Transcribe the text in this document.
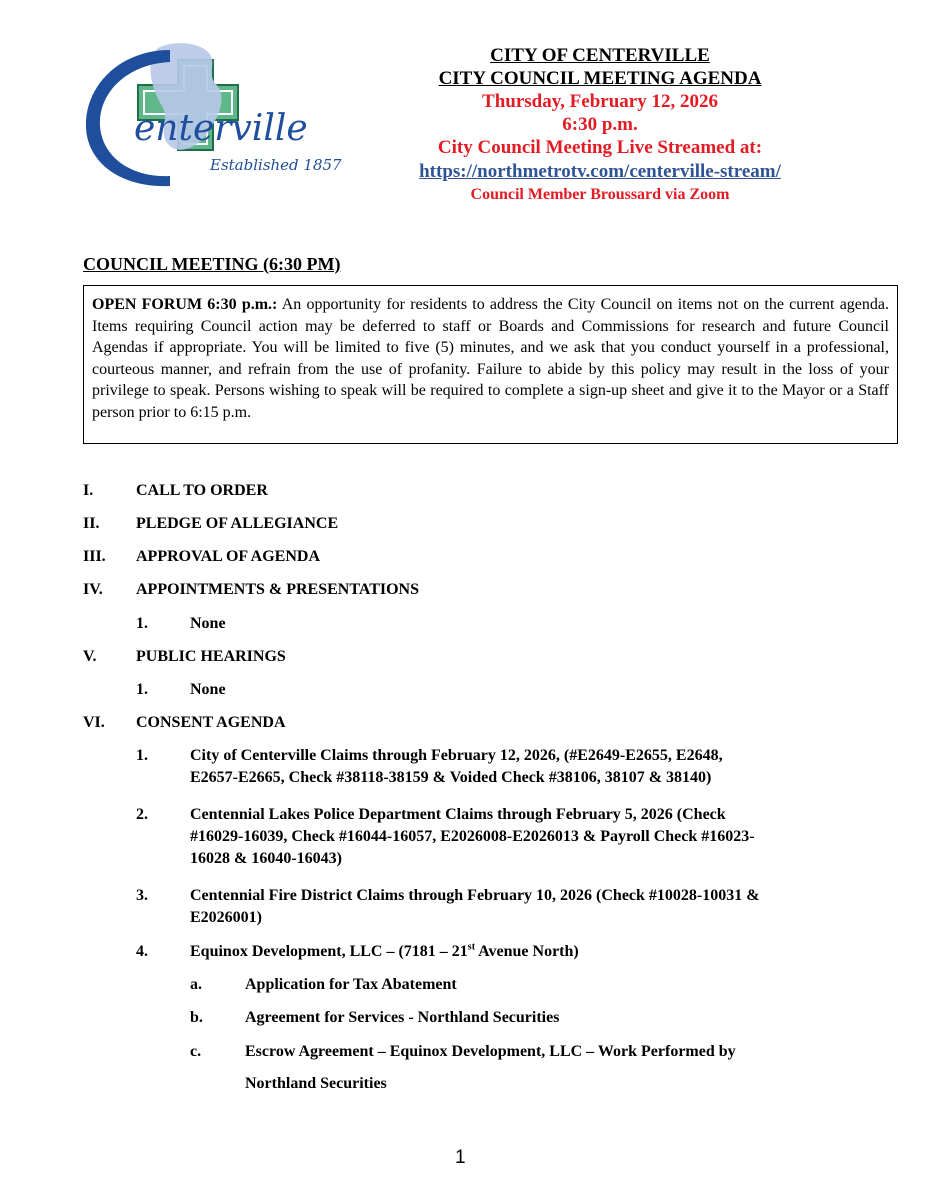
enterville
Established 1857
CITY OF CENTERVILLE
CITY COUNCIL MEETING AGENDA
Thursday, February 12, 2026
6:30 p.m.
City Council Meeting Live Streamed at:
https://northmetrotv.com/centerville-stream/
Council Member Broussard via Zoom
COUNCIL MEETING (6:30 PM)
OPEN FORUM 6:30 p.m.: An opportunity for residents to address the City Council on items not on the current agenda. Items requiring Council action may be deferred to staff or Boards and Commissions for research and future Council Agendas if appropriate. You will be limited to five (5) minutes, and we ask that you conduct yourself in a professional, courteous manner, and refrain from the use of profanity. Failure to abide by this policy may result in the loss of your privilege to speak. Persons wishing to speak will be required to complete a sign-up sheet and give it to the Mayor or a Staff person prior to 6:15 p.m.
I.	CALL TO ORDER
II. PLEDGE OF ALLEGIANCE
III. APPROVAL OF AGENDA
IV. APPOINTMENTS & PRESENTATIONS
1.	None
V. PUBLIC HEARINGS
1.	None
VI. CONSENT AGENDA
1.	City of Centerville Claims through February 12, 2026, (#E2649-E2655, E2648,
E2657-E2665, Check #38118-38159 & Voided Check #38106, 38107 & 38140)
2.	Centennial Lakes Police Department Claims through February 5, 2026 (Check
#16029-16039, Check #16044-16057, E2026008-E2026013 & Payroll Check #16023-
16028 & 16040-16043)
3.	Centennial Fire District Claims through February 10, 2026 (Check #10028-10031 &
E2026001)
4.	Equinox Development, LLC – (7181 – 21st Avenue North)
a.	Application for Tax Abatement
b.	Agreement for Services - Northland Securities
c.	Escrow Agreement – Equinox Development, LLC – Work Performed by
Northland Securities
1
